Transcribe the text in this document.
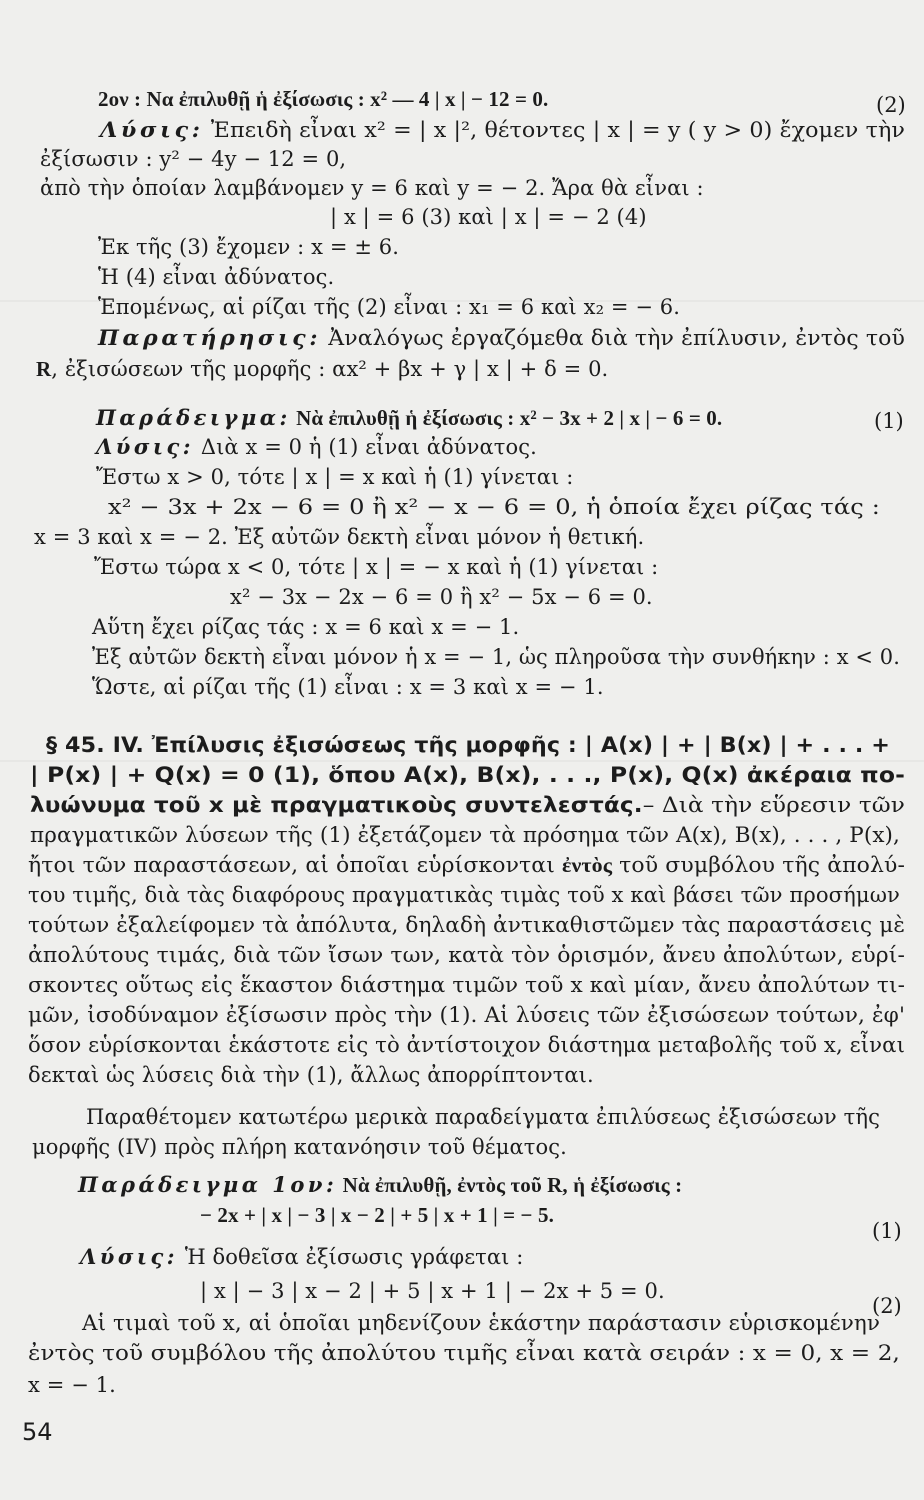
2ον : Να ἐπιλυθῇ ἡ ἐξίσωσις : x² — 4 | x | − 12 = 0.
Λύσις: Ἐπειδὴ εἶναι x² = | x |², θέτοντες | x | = y ( y > 0) ἔχομεν τὴν
ἐξίσωσιν : y² − 4y − 12 = 0,
ἀπὸ τὴν ὁποίαν λαμβάνομεν y = 6 καὶ y = − 2. Ἄρα θὰ εἶναι :
| x | = 6 (3) καὶ | x | = − 2 (4)
Ἐκ τῆς (3) ἔχομεν : x = ± 6.
Ἡ (4) εἶναι ἀδύνατος.
Ἑπομένως, αἱ ρίζαι τῆς (2) εἶναι : x₁ = 6 καὶ x₂ = − 6.
Παρατήρησις: Ἀναλόγως ἐργαζόμεθα διὰ τὴν ἐπίλυσιν, ἐντὸς τοῦ
R, ἐξισώσεων τῆς μορφῆς : αx² + βx + γ | x | + δ = 0.
Παράδειγμα: Νὰ ἐπιλυθῇ ἡ ἐξίσωσις : x² − 3x + 2 | x | − 6 = 0.
Λύσις: Διὰ x = 0 ἡ (1) εἶναι ἀδύνατος.
Ἔστω x > 0, τότε | x | = x καὶ ἡ (1) γίνεται :
x² − 3x + 2x − 6 = 0 ἢ x² − x − 6 = 0, ἡ ὁποία ἔχει ρίζας τάς :
x = 3 καὶ x = − 2. Ἐξ αὐτῶν δεκτὴ εἶναι μόνον ἡ θετική.
Ἔστω τώρα x < 0, τότε | x | = − x καὶ ἡ (1) γίνεται :
x² − 3x − 2x − 6 = 0 ἢ x² − 5x − 6 = 0.
Αὕτη ἔχει ρίζας τάς : x = 6 καὶ x = − 1.
Ἐξ αὐτῶν δεκτὴ εἶναι μόνον ἡ x = − 1, ὡς πληροῦσα τὴν συνθήκην : x < 0.
Ὥστε, αἱ ρίζαι τῆς (1) εἶναι : x = 3 καὶ x = − 1.
§ 45. IV. Ἐπίλυσις ἐξισώσεως τῆς μορφῆς : | A(x) | + | B(x) | + . . . +
| P(x) | + Q(x) = 0 (1), ὅπου A(x), B(x), . . ., P(x), Q(x) ἀκέραια πο-
λυώνυμα τοῦ x μὲ πραγματικοὺς συντελεστάς.– Διὰ τὴν εὕρεσιν τῶν
πραγματικῶν λύσεων τῆς (1) ἐξετάζομεν τὰ πρόσημα τῶν A(x), B(x), . . . , P(x),
ἤτοι τῶν παραστάσεων, αἱ ὁποῖαι εὑρίσκονται ἐντὸς τοῦ συμβόλου τῆς ἀπολύ-
του τιμῆς, διὰ τὰς διαφόρους πραγματικὰς τιμὰς τοῦ x καὶ βάσει τῶν προσήμων
τούτων ἐξαλείφομεν τὰ ἀπόλυτα, δηλαδὴ ἀντικαθιστῶμεν τὰς παραστάσεις μὲ
ἀπολύτους τιμάς, διὰ τῶν ἴσων των, κατὰ τὸν ὁρισμόν, ἄνευ ἀπολύτων, εὑρί-
σκοντες οὕτως εἰς ἕκαστον διάστημα τιμῶν τοῦ x καὶ μίαν, ἄνευ ἀπολύτων τι-
μῶν, ἰσοδύναμον ἐξίσωσιν πρὸς τὴν (1). Αἱ λύσεις τῶν ἐξισώσεων τούτων, ἐφ'
ὅσον εὑρίσκονται ἑκάστοτε εἰς τὸ ἀντίστοιχον διάστημα μεταβολῆς τοῦ x, εἶναι
δεκταὶ ὡς λύσεις διὰ τὴν (1), ἄλλως ἀπορρίπτονται.
Παραθέτομεν κατωτέρω μερικὰ παραδείγματα ἐπιλύσεως ἐξισώσεων τῆς
μορφῆς (IV) πρὸς πλήρη κατανόησιν τοῦ θέματος.
Παράδειγμα 1ον: Νὰ ἐπιλυθῇ, ἐντὸς τοῦ R, ἡ ἐξίσωσις :
− 2x + | x | − 3 | x − 2 | + 5 | x + 1 | = − 5.
Λύσις: Ἡ δοθεῖσα ἐξίσωσις γράφεται :
| x | − 3 | x − 2 | + 5 | x + 1 | − 2x + 5 = 0.
Αἱ τιμαὶ τοῦ x, αἱ ὁποῖαι μηδενίζουν ἑκάστην παράστασιν εὑρισκομένην
ἐντὸς τοῦ συμβόλου τῆς ἀπολύτου τιμῆς εἶναι κατὰ σειράν : x = 0, x = 2,
x = − 1.
(2)
(1)
(1)
(2)
54
